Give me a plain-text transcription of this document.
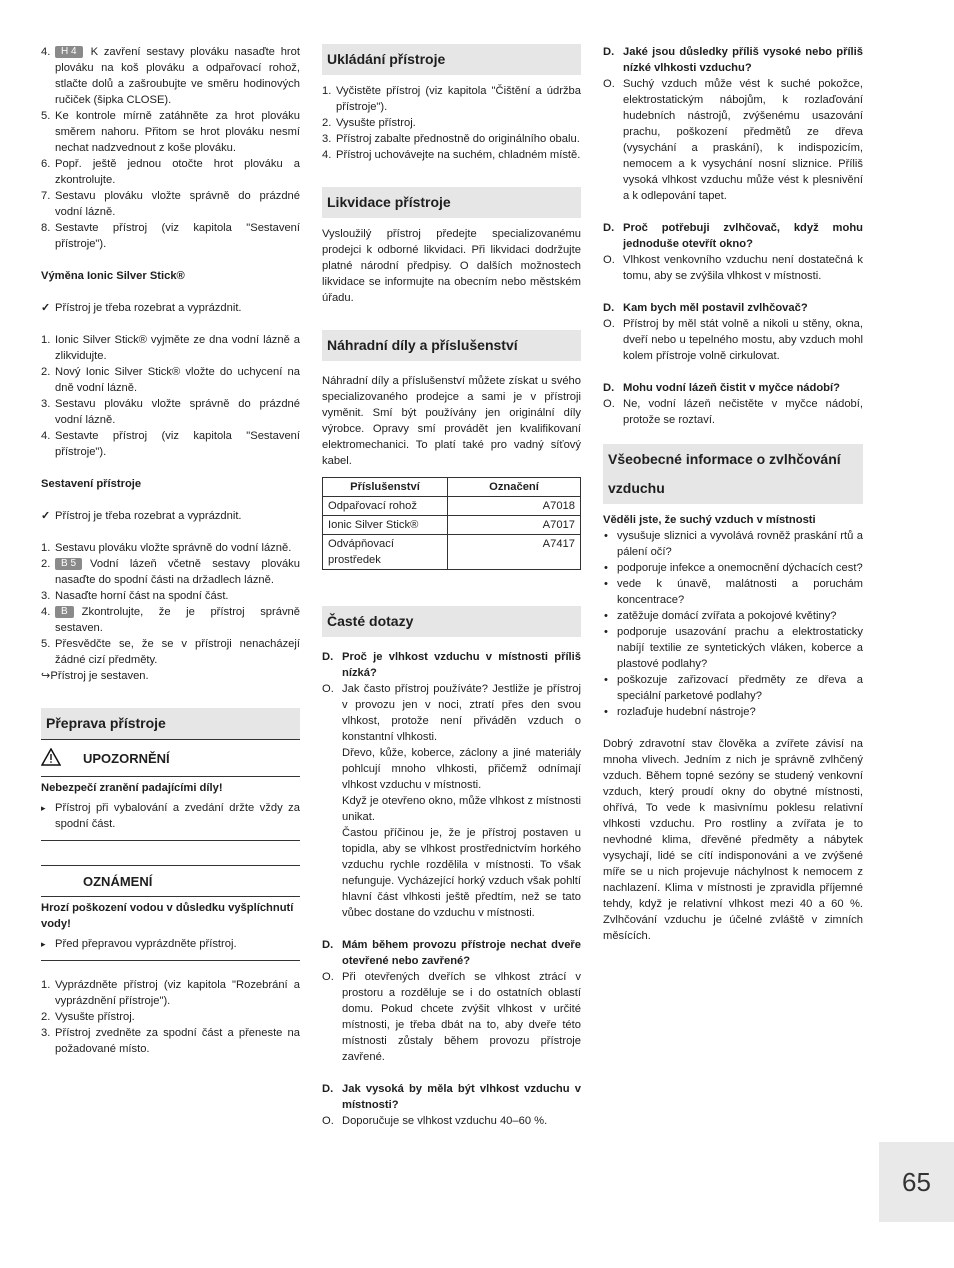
4. H 4 K zavření sestavy plováku nasaďte hrot plováku na koš plováku a odpařovací rohož, stlačte dolů a zašroubujte ve směru hodinových ručiček (šipka CLOSE).
5. Ke kontrole mírně zatáhněte za hrot plováku směrem nahoru. Přitom se hrot plováku nesmí nechat nadzvednout z koše plováku.
6. Popř. ještě jednou otočte hrot plováku a zkontrolujte.
7. Sestavu plováku vložte správně do prázdné vodní lázně.
8. Sestavte přístroj (viz kapitola "Sestavení přístroje").

Výměna Ionic Silver Stick®

✓ Přístroj je třeba rozebrat a vyprázdnit.

1. Ionic Silver Stick® vyjměte ze dna vodní lázně a zlikvidujte.
2. Nový Ionic Silver Stick® vložte do uchycení na dně vodní lázně.
3. Sestavu plováku vložte správně do prázdné vodní lázně.
4. Sestavte přístroj (viz kapitola "Sestavení přístroje").

Sestavení přístroje

✓ Přístroj je třeba rozebrat a vyprázdnit.

1. Sestavu plováku vložte správně do vodní lázně.
2. B 5 Vodní lázeň včetně sestavy plováku nasaďte do spodní části na držadlech lázně.
3. Nasaďte horní část na spodní část.
4. B Zkontrolujte, že je přístroj správně sestaven.
5. Přesvědčte se, že se v přístroji nenacházejí žádné cizí předměty.

↪Přístroj je sestaven.

Přeprava přístroje
UPOZORNĚNÍ

Nebezpečí zranění padajícími díly!

▸ Přístroj při vybalování a zvedání držte vždy za spodní část.
OZNÁMENÍ

Hrozí poškození vodou v důsledku vyšplíchnutí vody!

▸ Před přepravou vyprázdněte přístroj.
1. Vyprázdněte přístroj (viz kapitola "Rozebrání a vyprázdnění přístroje").
2. Vysušte přístroj.
3. Přístroj zvedněte za spodní část a přeneste na požadované místo.
Ukládání přístroje
1. Vyčistěte přístroj (viz kapitola "Čištění a údržba přístroje").
2. Vysušte přístroj.
3. Přístroj zabalte přednostně do originálního obalu.
4. Přístroj uchovávejte na suchém, chladném místě.
Likvidace přístroje

Vysloužilý přístroj předejte specializovanému prodejci k odborné likvidaci. Při likvidaci dodržujte platné národní předpisy. O dalších možnostech likvidace se informujte na obecním nebo městském úřadu.

Náhradní díly a příslušenství

Náhradní díly a příslušenství můžete získat u svého specializovaného prodejce a sami je v přístroji vyměnit. Smí být používány jen originální díly výrobce. Opravy smí provádět jen kvalifikovaní elektromechanici. To platí také pro vadný síťový kabel.

Příslušenství	Označení
Odpařovací rohož	A7018
Ionic Silver Stick®	A7017
Odvápňovací prostředek	A7417
Časté dotazy

D. Proč je vlhkost vzduchu v místnosti příliš nízká?

O. Jak často přístroj používáte? Jestliže je přístroj v provozu jen v noci, ztratí přes den svou vlhkost, protože není přiváděn vzduch o konstantní vlhkosti.

Dřevo, kůže, koberce, záclony a jiné materiály pohlcují mnoho vlhkosti, přičemž odnímají vlhkost vzduchu v místnosti.

Když je otevřeno okno, může vlhkost z místnosti unikat.

Častou příčinou je, že je přístroj postaven u topidla, aby se vlhkost prostřednictvím horkého vzduchu rychle rozdělila v místnosti. To však nefunguje. Vycházející horký vzduch však pohltí hlavní část vlhkosti ještě předtím, než se tato vůbec dostane do vzduchu v místnosti.

D. Mám během provozu přístroje nechat dveře otevřené nebo zavřené?

O. Při otevřených dveřích se vlhkost ztrácí v prostoru a rozděluje se i do ostatních oblastí domu. Pokud chcete zvýšit vlhkost v určité místnosti, je třeba dbát na to, aby dveře této místnosti zůstaly během provozu přístroje zavřené.

D. Jak vysoká by měla být vlhkost vzduchu v místnosti?

O. Doporučuje se vlhkost vzduchu 40–60 %.

D. Jaké jsou důsledky příliš vysoké nebo příliš nízké vlhkosti vzduchu?

O. Suchý vzduch může vést k suché pokožce, elektrostatickým nábojům, k rozlaďování hudebních nástrojů, zvýšenému usazování prachu, poškození předmětů ze dřeva (vysychání a praskání), k indispozicím, nemocem a k vysychání nosní sliznice. Příliš vysoká vlhkost vzduchu může vést k plesnivění a k odlepování tapet.

D. Proč potřebuji zvlhčovač, když mohu jednoduše otevřít okno?

O. Vlhkost venkovního vzduchu není dostatečná k tomu, aby se zvýšila vlhkost v místnosti.

D. Kam bych měl postavil zvlhčovač?

O. Přístroj by měl stát volně a nikoli u stěny, okna, dveří nebo u tepelného mostu, aby vzduch mohl kolem přístroje volně cirkulovat.

D. Mohu vodní lázeň čistit v myčce nádobí?

O. Ne, vodní lázeň nečistěte v myčce nádobí, protože se roztaví.

Všeobecné informace o zvlhčování vzduchu

Věděli jste, že suchý vzduch v místnosti

• vysušuje sliznici a vyvolává rovněž praskání rtů a pálení očí?
• podporuje infekce a onemocnění dýchacích cest?
• vede k únavě, malátnosti a poruchám koncentrace?
• zatěžuje domácí zvířata a pokojové květiny?
• podporuje usazování prachu a elektrostaticky nabíjí textilie ze syntetických vláken, koberce a plastové podlahy?
• poškozuje zařizovací předměty ze dřeva a speciální parketové podlahy?
• rozlaďuje hudební nástroje?

Dobrý zdravotní stav člověka a zvířete závisí na mnoha vlivech. Jedním z nich je správně zvlhčený vzduch. Během topné sezóny se studený venkovní vzduch, který proudí okny do obytné místnosti, ohřívá, To vede k masivnímu poklesu relativní vlhkosti vzduchu. Pro rostliny a zvířata je to nevhodné klima, dřevěné předměty a nábytek vysychají, lidé se cítí indisponováni a ve zvýšené míře se u nich projevuje náchylnost k nemocem z nachlazení. Klima v místnosti je zpravidla příjemné tehdy, když je relativní vlhkost mezi 40 a 60 %. Zvlhčování vzduchu je účelné zvláště v zimních měsících.

65
